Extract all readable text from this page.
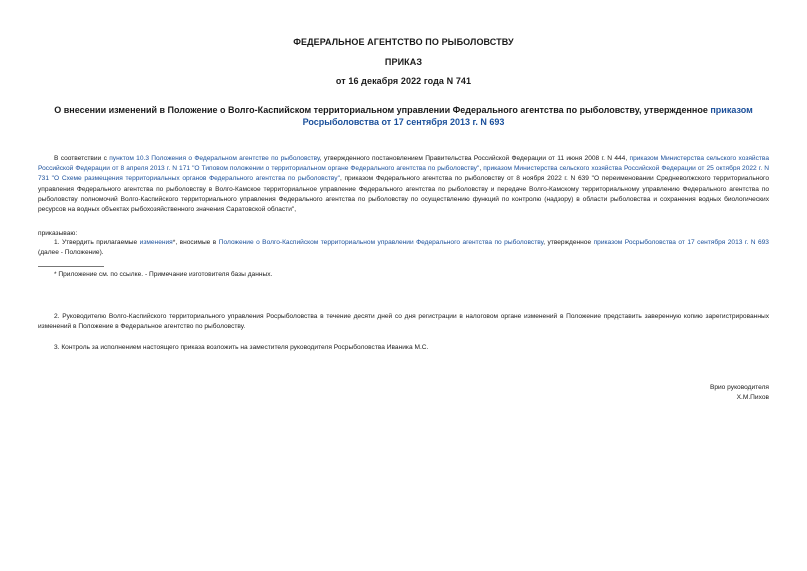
ФЕДЕРАЛЬНОЕ АГЕНТСТВО ПО РЫБОЛОВСТВУ
ПРИКАЗ
от 16 декабря 2022 года N 741
О внесении изменений в Положение о Волго-Каспийском территориальном управлении Федерального агентства по рыболовству, утвержденное приказом Росрыболовства от 17 сентября 2013 г. N 693

В соответствии с пунктом 10.3 Положения о Федеральном агентстве по рыболовству, утвержденного постановлением Правительства Российской Федерации от 11 июня 2008 г. N 444, приказом Министерства сельского хозяйства Российской Федерации от 8 апреля 2013 г. N 171 "О Типовом положении о территориальном органе Федерального агентства по рыболовству", приказом Министерства сельского хозяйства Российской Федерации от 25 октября 2022 г. N 731 "О Схеме размещения территориальных органов Федерального агентства по рыболовству", приказом Федерального агентства по рыболовству от 8 ноября 2022 г. N 639 "О переименовании Средневолжского территориального управления Федерального агентства по рыболовству в Волго-Камское территориальное управление Федерального агентства по рыболовству и передаче Волго-Камскому территориальному управлению Федерального агентства по рыболовству полномочий Волго-Каспийского территориального управления Федерального агентства по рыболовству по осуществлению функций по контролю (надзору) в области рыболовства и сохранения водных биологических ресурсов на водных объектах рыбохозяйственного значения Саратовской области",

приказываю:

1. Утвердить прилагаемые изменения*, вносимые в Положение о Волго-Каспийском территориальном управлении Федерального агентства по рыболовству, утвержденное приказом Росрыболовства от 17 сентября 2013 г. N 693 (далее - Положение).

* Приложение см. по ссылке. - Примечание изготовителя базы данных.

2. Руководителю Волго-Каспийского территориального управления Росрыболовства в течение десяти дней со дня регистрации в налоговом органе изменений в Положение представить заверенную копию зарегистрированных изменений в Положение в Федеральное агентство по рыболовству.

3. Контроль за исполнением настоящего приказа возложить на заместителя руководителя Росрыболовства Иваника М.С.

Врио руководителя
Х.М.Пихов
